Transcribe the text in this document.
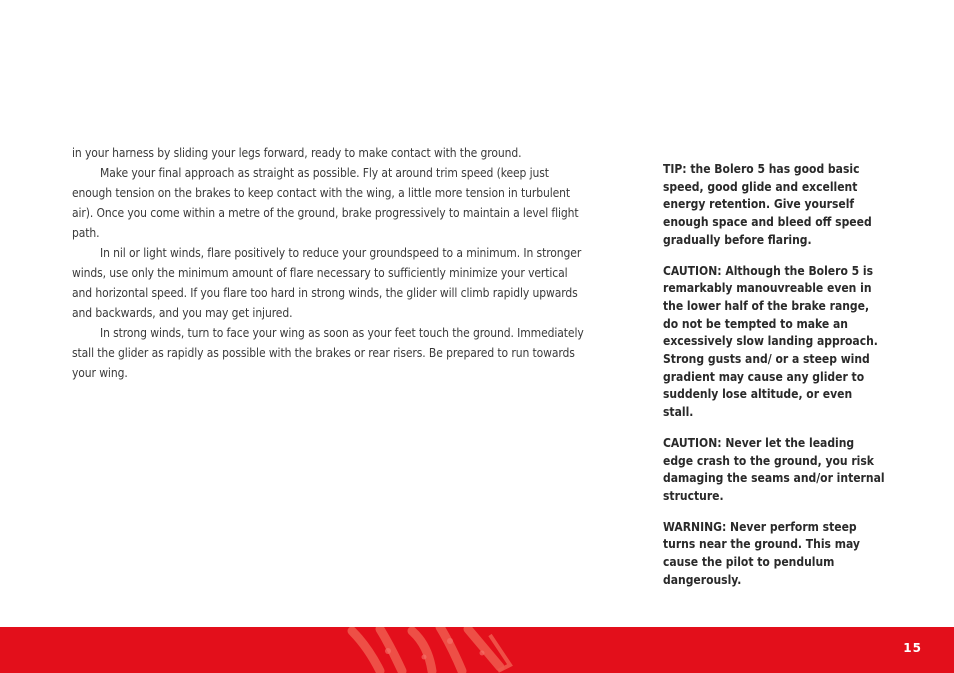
in your harness by sliding your legs forward, ready to make contact with the ground.

Make your final approach as straight as possible. Fly at around trim speed (keep just enough tension on the brakes to keep contact with the wing, a little more tension in turbulent air). Once you come within a metre of the ground, brake progressively to maintain a level flight path.

In nil or light winds, flare positively to reduce your groundspeed to a minimum. In stronger winds, use only the minimum amount of flare necessary to sufficiently minimize your vertical and horizontal speed. If you flare too hard in strong winds, the glider will climb rapidly upwards and backwards, and you may get injured.

In strong winds, turn to face your wing as soon as your feet touch the ground. Immediately stall the glider as rapidly as possible with the brakes or rear risers. Be prepared to run towards your wing.

TIP: the Bolero 5 has good basic speed, good glide and excellent energy retention. Give yourself enough space and bleed off speed gradually before flaring.

CAUTION: Although the Bolero 5 is remarkably manouvreable even in the lower half of the brake range, do not be tempted to make an excessively slow landing approach. Strong gusts and/ or a steep wind gradient may cause any glider to suddenly lose altitude, or even stall.

CAUTION: Never let the leading edge crash to the ground, you risk damaging the seams and/or internal structure.

WARNING: Never perform steep turns near the ground. This may cause the pilot to pendulum dangerously.

15
